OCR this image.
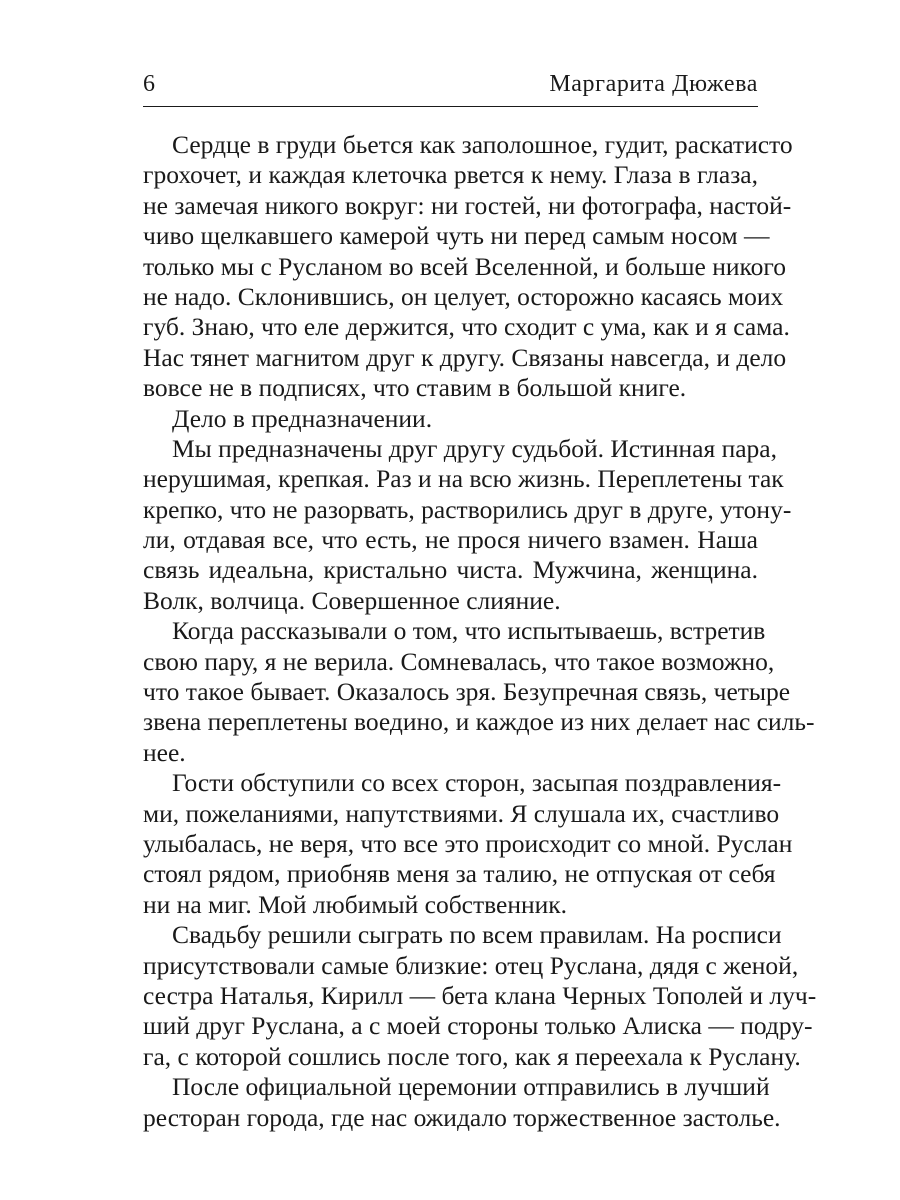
6	Маргарита Дюжева
Сердце в груди бьется как заполошное, гудит, раскатисто
грохочет, и каждая клеточка рвется к нему. Глаза в глаза,
не замечая никого вокруг: ни гостей, ни фотографа, настой-
чиво щелкавшего камерой чуть ни перед самым носом —
только мы с Русланом во всей Вселенной, и больше никого
не надо. Склонившись, он целует, осторожно касаясь моих
губ. Знаю, что еле держится, что сходит с ума, как и я сама.
Нас тянет магнитом друг к другу. Связаны навсегда, и дело
вовсе не в подписях, что ставим в большой книге.
Дело в предназначении.
Мы предназначены друг другу судьбой. Истинная пара,
нерушимая, крепкая. Раз и на всю жизнь. Переплетены так
крепко, что не разорвать, растворились друг в друге, утону-
ли, отдавая все, что есть, не прося ничего взамен. Наша
связь идеальна, кристально чиста. Мужчина, женщина.
Волк, волчица. Совершенное слияние.
Когда рассказывали о том, что испытываешь, встретив
свою пару, я не верила. Сомневалась, что такое возможно,
что такое бывает. Оказалось зря. Безупречная связь, четыре
звена переплетены воедино, и каждое из них делает нас силь-
нее.
Гости обступили со всех сторон, засыпая поздравления-
ми, пожеланиями, напутствиями. Я слушала их, счастливо
улыбалась, не веря, что все это происходит со мной. Руслан
стоял рядом, приобняв меня за талию, не отпуская от себя
ни на миг. Мой любимый собственник.
Свадьбу решили сыграть по всем правилам. На росписи
присутствовали самые близкие: отец Руслана, дядя с женой,
сестра Наталья, Кирилл — бета клана Черных Тополей и луч-
ший друг Руслана, а с моей стороны только Алиска — подру-
га, с которой сошлись после того, как я переехала к Руслану.
После официальной церемонии отправились в лучший
ресторан города, где нас ожидало торжественное застолье.
